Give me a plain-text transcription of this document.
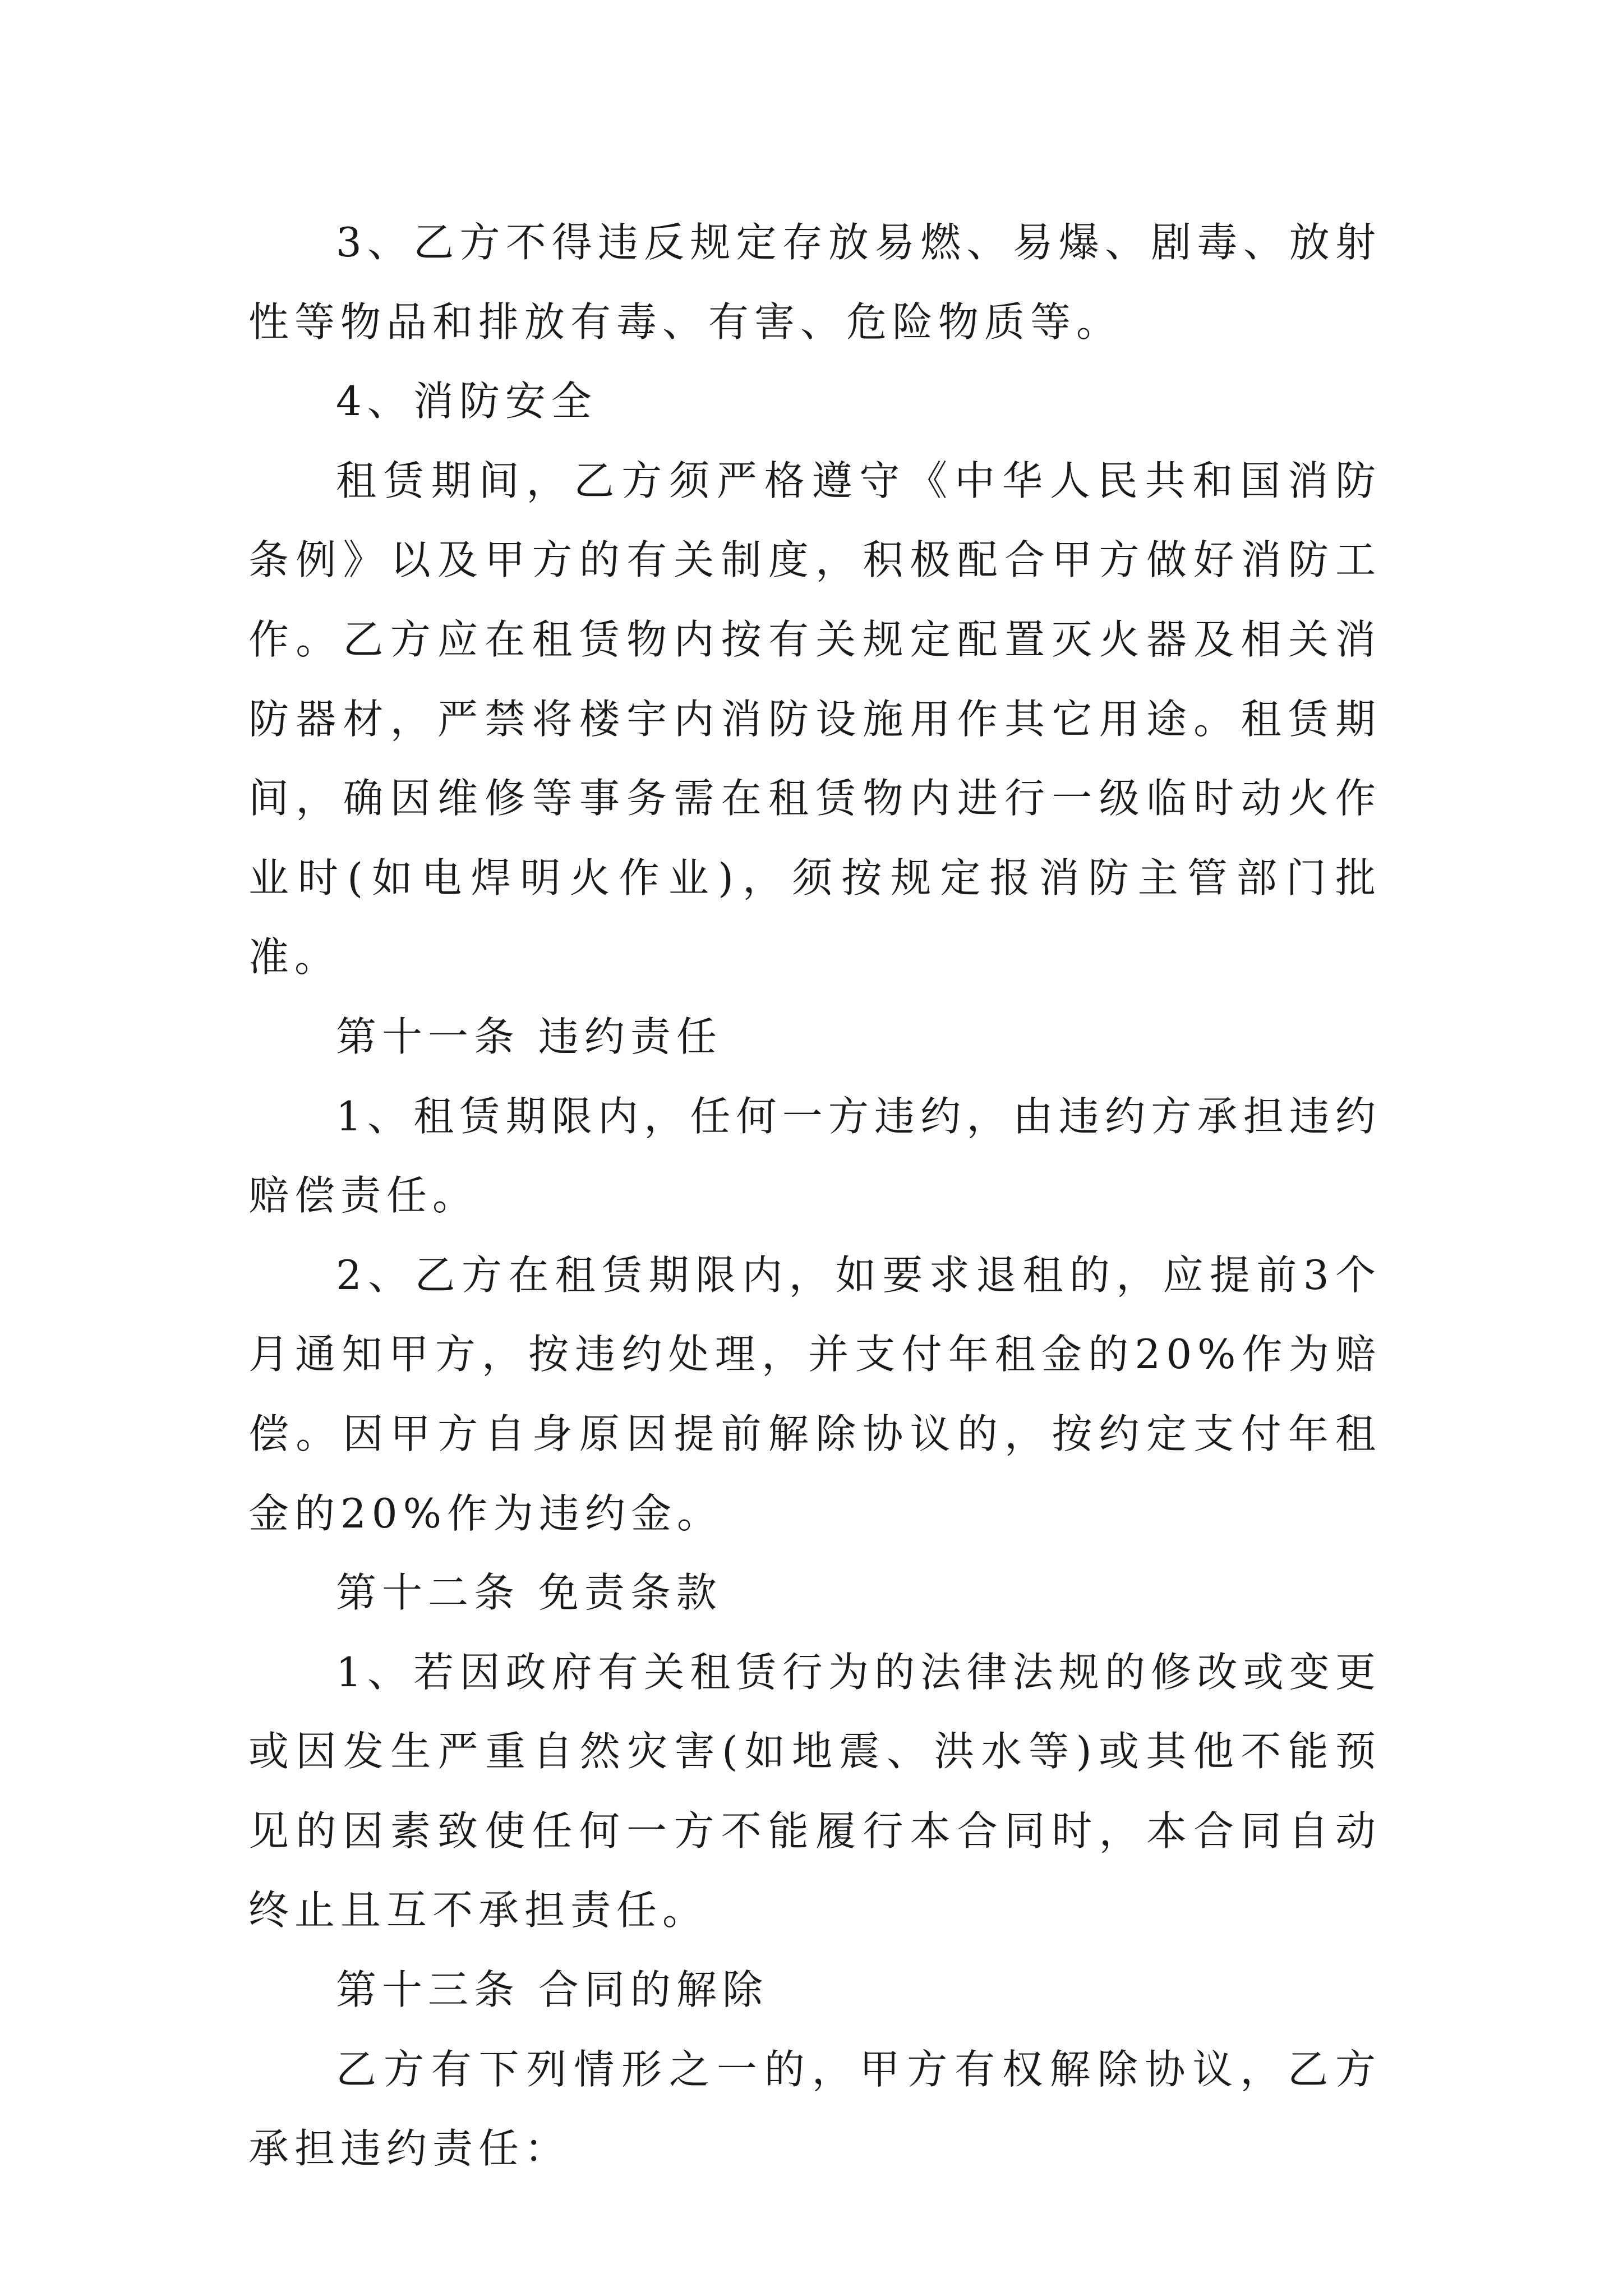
3、乙方不得违反规定存放易燃、易爆、剧毒、放射性等物品和排放有毒、有害、危险物质等。

4、消防安全

租赁期间，乙方须严格遵守《中华人民共和国消防条例》以及甲方的有关制度，积极配合甲方做好消防工作。乙方应在租赁物内按有关规定配置灭火器及相关消防器材，严禁将楼宇内消防设施用作其它用途。租赁期间，确因维修等事务需在租赁物内进行一级临时动火作业时(如电焊明火作业)，须按规定报消防主管部门批准。

第十一条 违约责任

1、租赁期限内，任何一方违约，由违约方承担违约赔偿责任。

2、乙方在租赁期限内，如要求退租的，应提前3个月通知甲方，按违约处理，并支付年租金的20%作为赔偿。因甲方自身原因提前解除协议的，按约定支付年租金的20%作为违约金。

第十二条 免责条款

1、若因政府有关租赁行为的法律法规的修改或变更或因发生严重自然灾害(如地震、洪水等)或其他不能预见的因素致使任何一方不能履行本合同时，本合同自动终止且互不承担责任。

第十三条 合同的解除

乙方有下列情形之一的，甲方有权解除协议，乙方承担违约责任：
